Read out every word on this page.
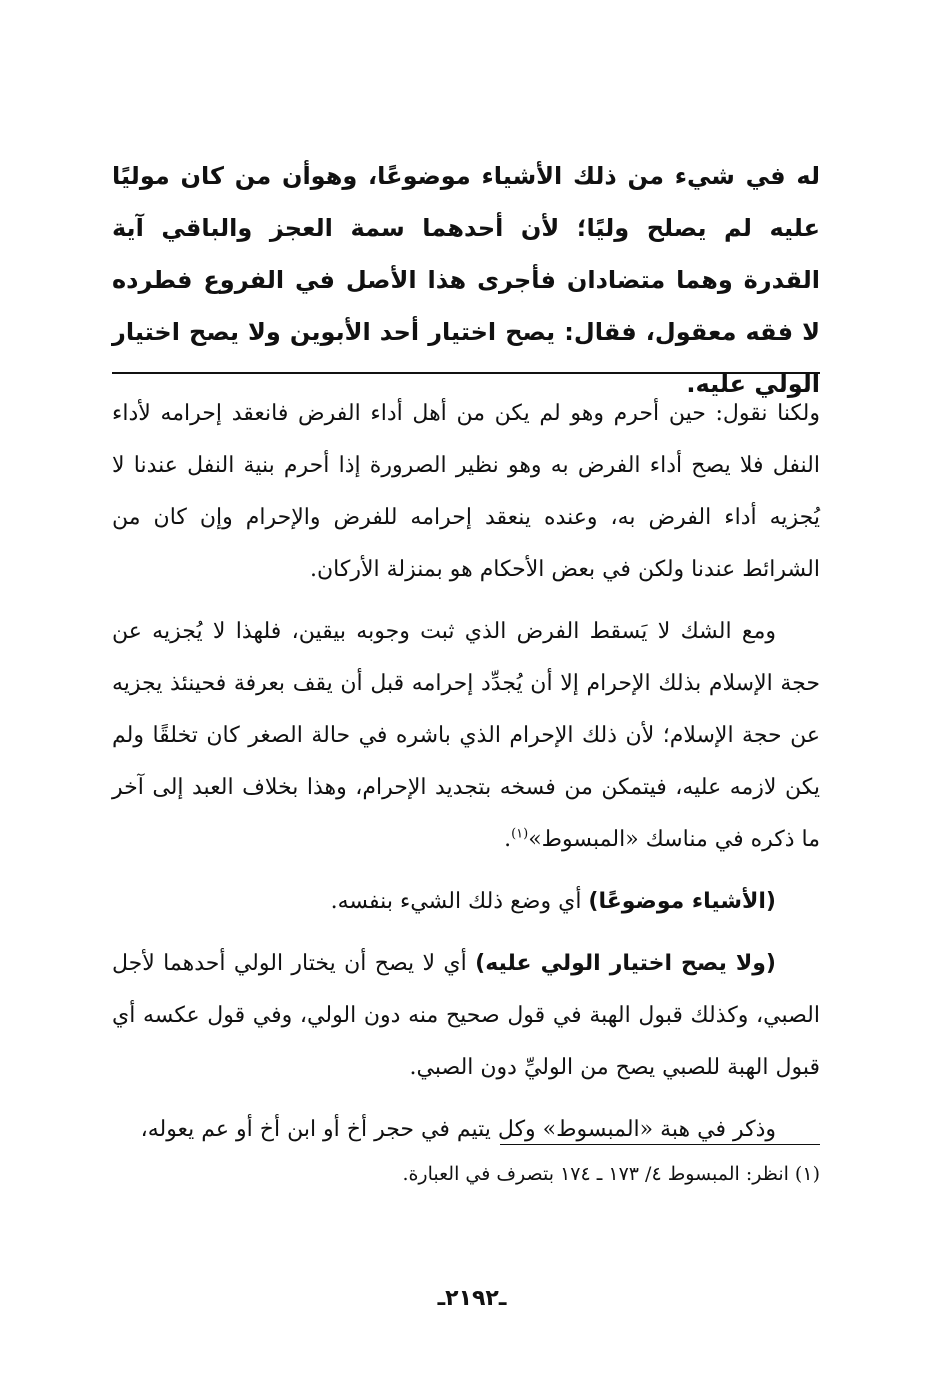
له في شيء من ذلك الأشياء موضوعًا، وهوأن من كان موليًا عليه لم يصلح وليًا؛ لأن أحدهما سمة العجز والباقي آية القدرة وهما متضادان فأجرى هذا الأصل في الفروع فطرده لا فقه معقول، فقال: يصح اختيار أحد الأبوين ولا يصح اختيار الولي عليه.

ولكنا نقول: حين أحرم وهو لم يكن من أهل أداء الفرض فانعقد إحرامه لأداء النفل فلا يصح أداء الفرض به وهو نظير الصرورة إذا أحرم بنية النفل عندنا لا يُجزيه أداء الفرض به، وعنده ينعقد إحرامه للفرض والإحرام وإن كان من الشرائط عندنا ولكن في بعض الأحكام هو بمنزلة الأركان.

ومع الشك لا يَسقط الفرض الذي ثبت وجوبه بيقين، فلهذا لا يُجزيه عن حجة الإسلام بذلك الإحرام إلا أن يُجدِّد إحرامه قبل أن يقف بعرفة فحينئذ يجزيه عن حجة الإسلام؛ لأن ذلك الإحرام الذي باشره في حالة الصغر كان تخلقًا ولم يكن لازمه عليه، فيتمكن من فسخه بتجديد الإحرام، وهذا بخلاف العبد إلى آخر ما ذكره في مناسك «المبسوط»$^{(١)}$.

(الأشياء موضوعًا) أي وضع ذلك الشيء بنفسه.

(ولا يصح اختيار الولي عليه) أي لا يصح أن يختار الولي أحدهما لأجل الصبي، وكذلك قبول الهبة في قول صحيح منه دون الولي، وفي قول عكسه أي قبول الهبة للصبي يصح من الوليِّ دون الصبي.

وذكر في هبة «المبسوط» وكل يتيم في حجر أخ أو ابن أخ أو عم يعوله،

(١) انظر: المبسوط ٤/ ١٧٣ ـ ١٧٤ بتصرف في العبارة.
ـ٢١٩٢ـ
